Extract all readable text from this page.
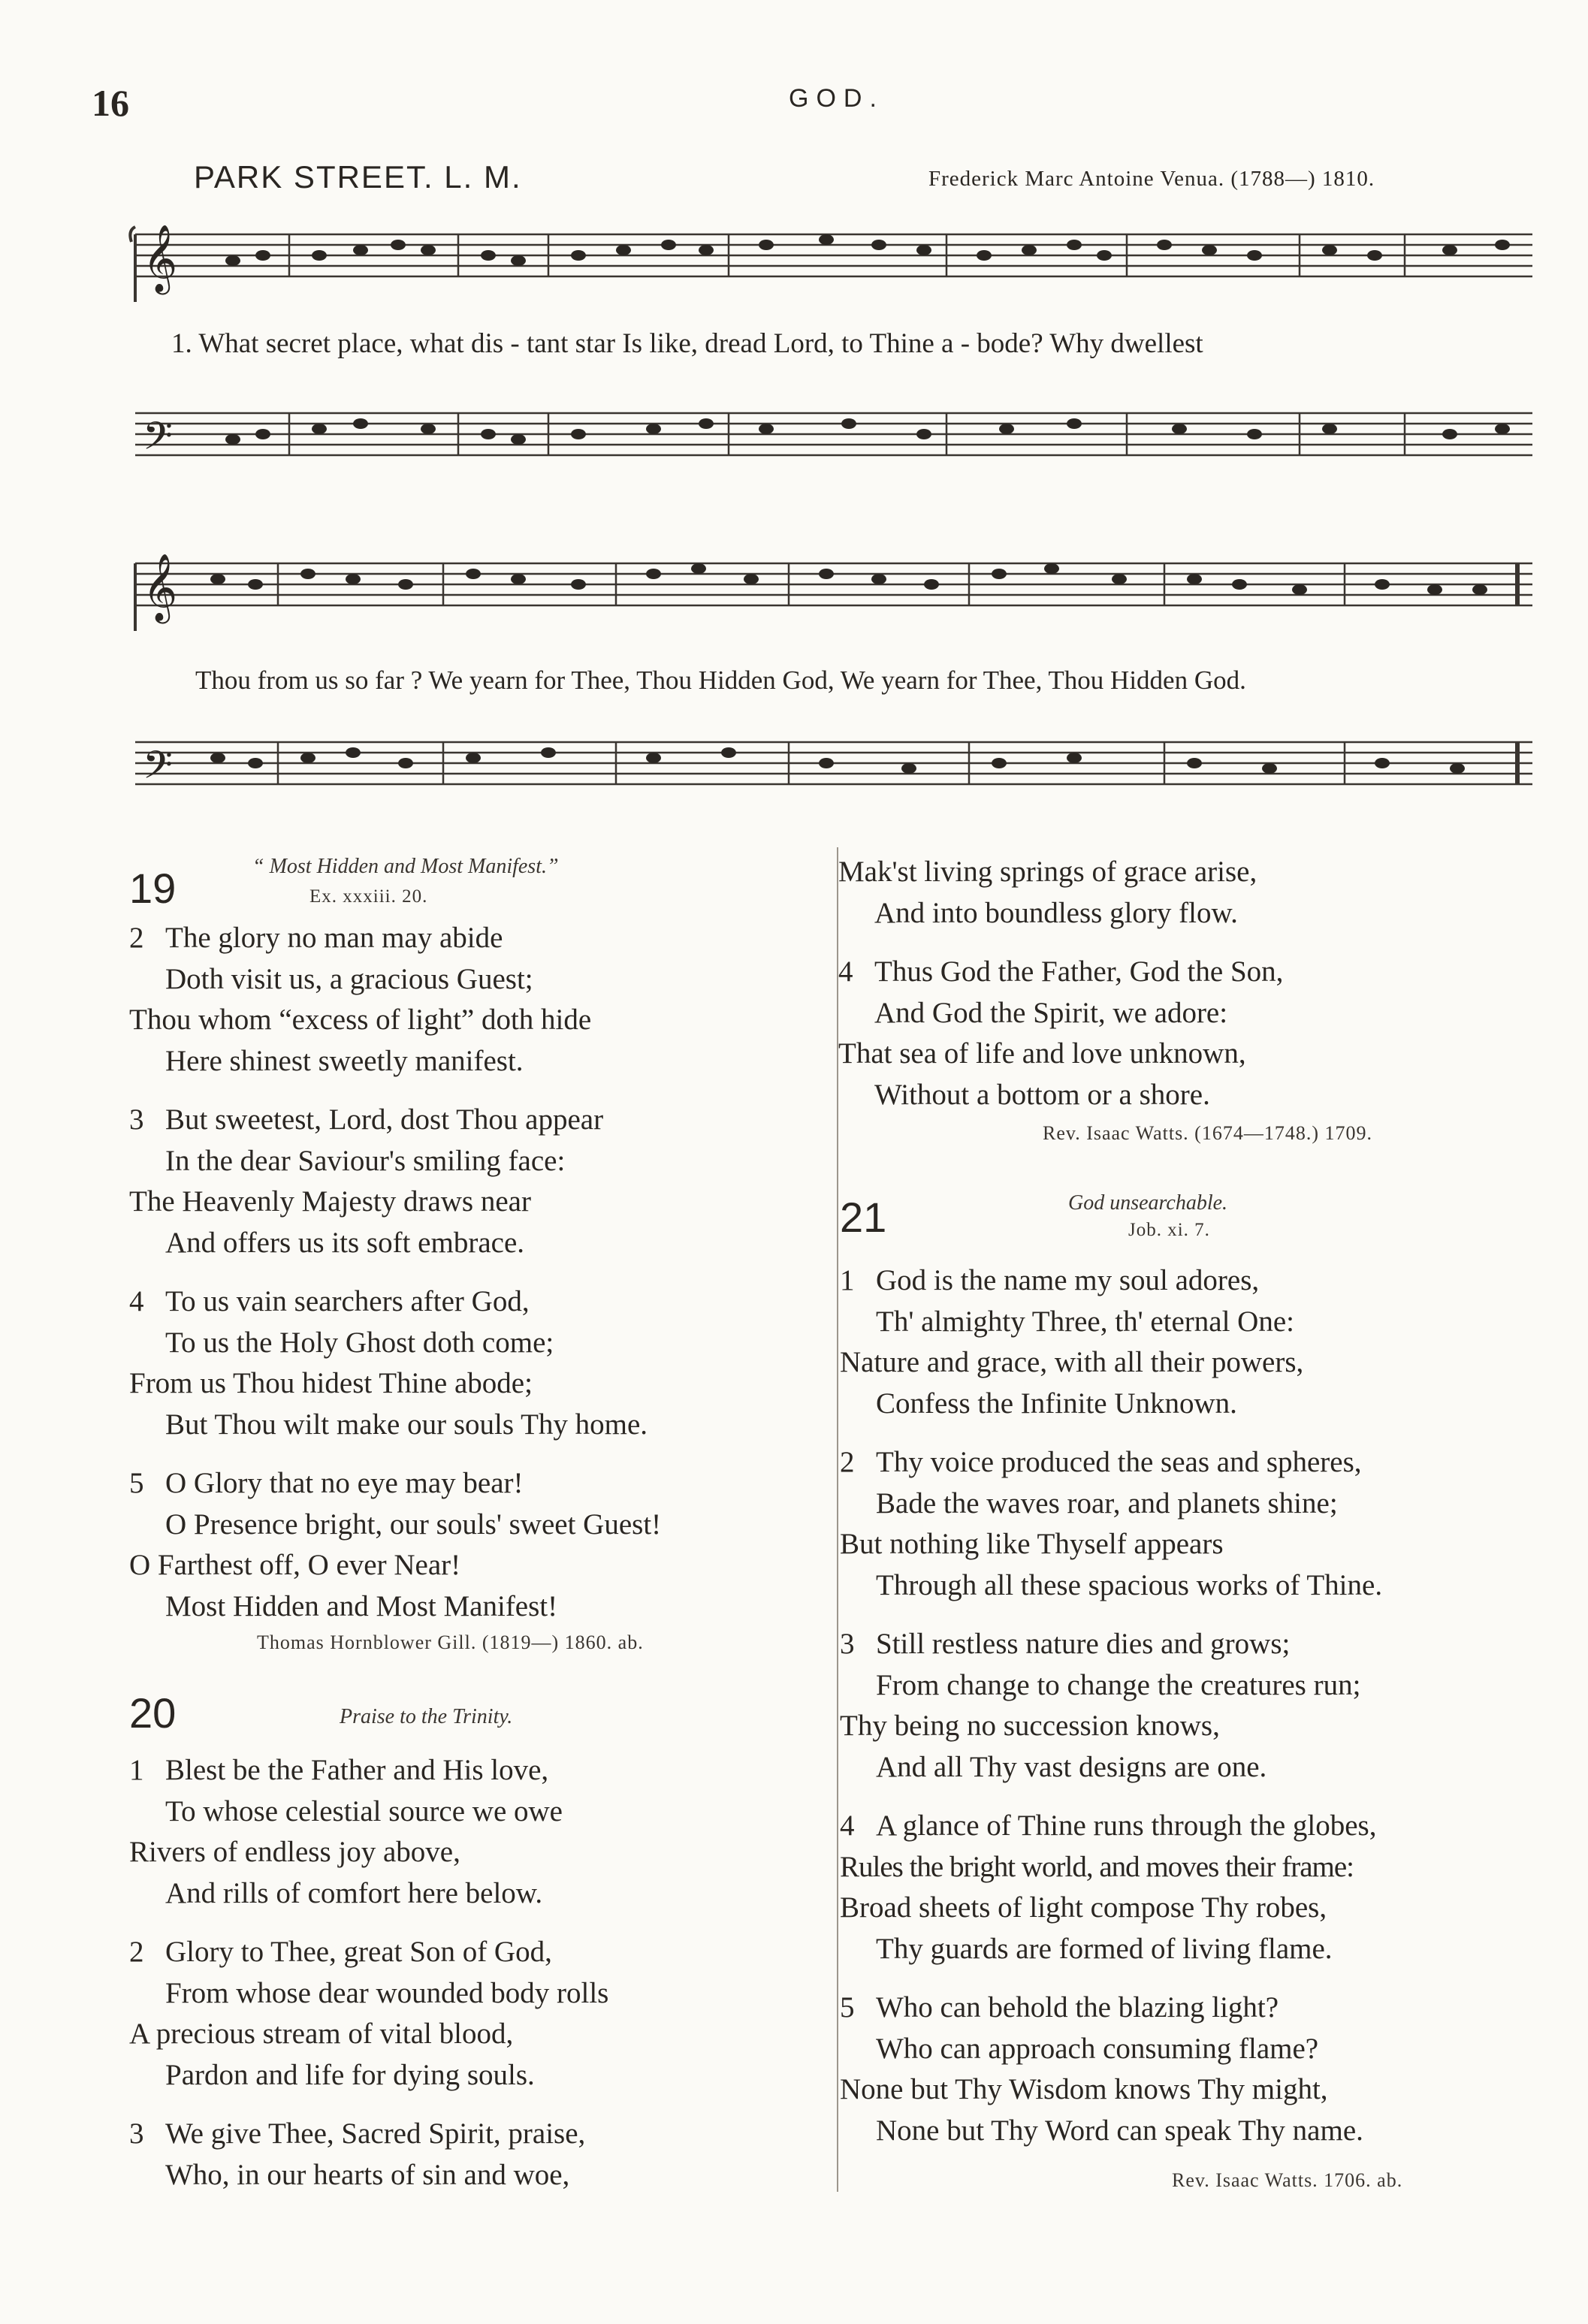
16	GOD.
PARK STREET. L. M.	Frederick Marc Antoine Venua. (1788—) 1810.
𝄞
𝄢
1. What secret place, what dis - tant star Is like, dread Lord, to Thine a - bode? Why dwellest
𝄞
𝄢
Thou from us so far ? We yearn for Thee, Thou Hidden God, We yearn for Thee, Thou Hidden God.
19	“ Most Hidden and Most Manifest.”
Ex. xxxiii. 20.
2 The glory no man may abide
Doth visit us, a gracious Guest;
Thou whom “excess of light” doth hide
Here shinest sweetly manifest.
3 But sweetest, Lord, dost Thou appear
In the dear Saviour's smiling face:
The Heavenly Majesty draws near
And offers us its soft embrace.
4 To us vain searchers after God,
To us the Holy Ghost doth come;
From us Thou hidest Thine abode;
But Thou wilt make our souls Thy home.
5 O Glory that no eye may bear!
O Presence bright, our souls' sweet Guest!
O Farthest off, O ever Near!
Most Hidden and Most Manifest!
Thomas Hornblower Gill. (1819—) 1860. ab.
20	Praise to the Trinity.
1 Blest be the Father and His love,
To whose celestial source we owe
Rivers of endless joy above,
And rills of comfort here below.
2 Glory to Thee, great Son of God,
From whose dear wounded body rolls
A precious stream of vital blood,
Pardon and life for dying souls.
3 We give Thee, Sacred Spirit, praise,
Who, in our hearts of sin and woe,
Mak'st living springs of grace arise,
And into boundless glory flow.
4 Thus God the Father, God the Son,
And God the Spirit, we adore:
That sea of life and love unknown,
Without a bottom or a shore.
Rev. Isaac Watts. (1674—1748.) 1709.
21	God unsearchable.
Job. xi. 7.
1 God is the name my soul adores,
Th' almighty Three, th' eternal One:
Nature and grace, with all their powers,
Confess the Infinite Unknown.
2 Thy voice produced the seas and spheres,
Bade the waves roar, and planets shine;
But nothing like Thyself appears
Through all these spacious works of Thine.
3 Still restless nature dies and grows;
From change to change the creatures run;
Thy being no succession knows,
And all Thy vast designs are one.
4 A glance of Thine runs through the globes,
Rules the bright world, and moves their frame:
Broad sheets of light compose Thy robes,
Thy guards are formed of living flame.
5 Who can behold the blazing light?
Who can approach consuming flame?
None but Thy Wisdom knows Thy might,
None but Thy Word can speak Thy name.
Rev. Isaac Watts. 1706. ab.
